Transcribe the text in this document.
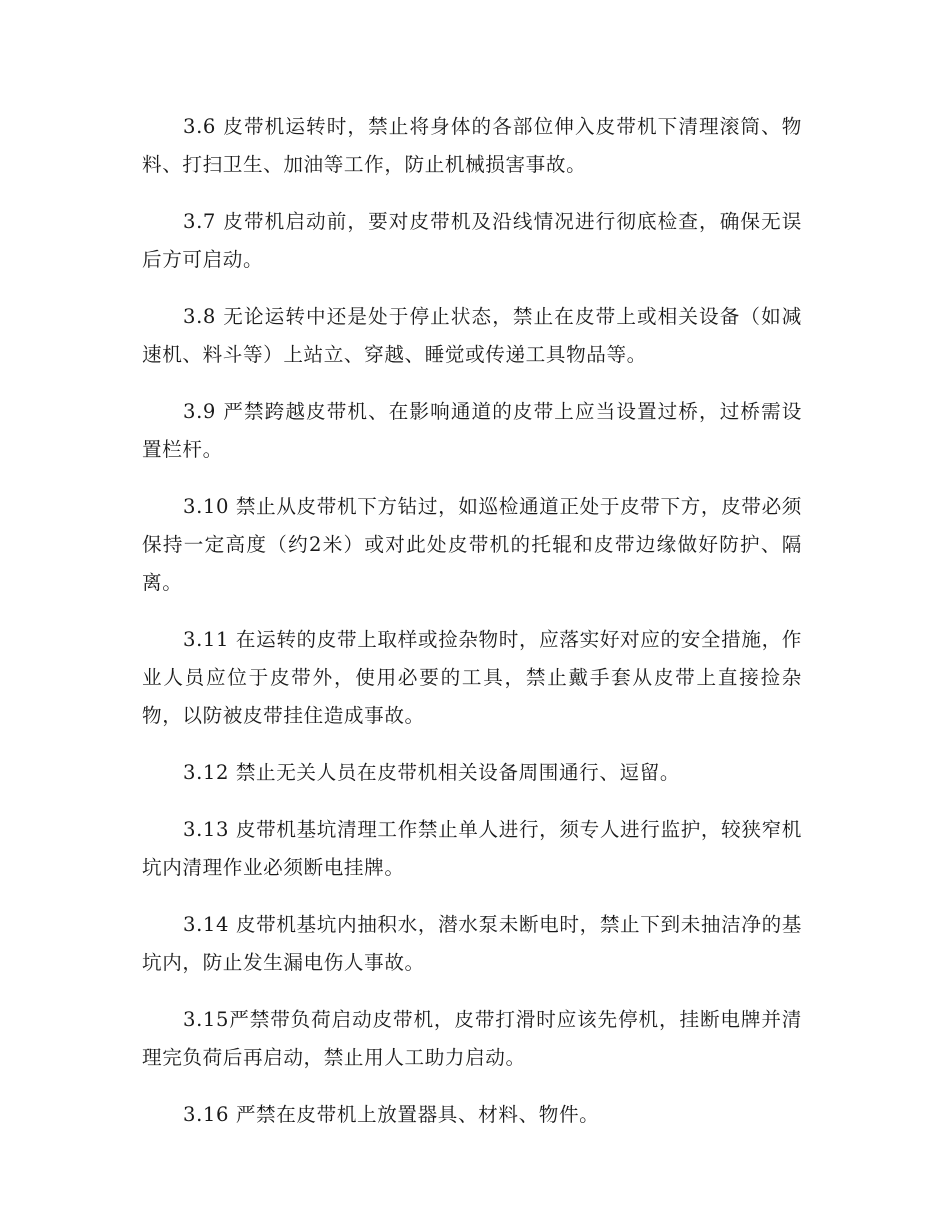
3.6 皮带机运转时，禁止将身体的各部位伸入皮带机下清理滚筒、物料、打扫卫生、加油等工作，防止机械损害事故。

3.7 皮带机启动前，要对皮带机及沿线情况进行彻底检查，确保无误后方可启动。

3.8 无论运转中还是处于停止状态，禁止在皮带上或相关设备（如减速机、料斗等）上站立、穿越、睡觉或传递工具物品等。

3.9 严禁跨越皮带机、在影响通道的皮带上应当设置过桥，过桥需设置栏杆。

3.10 禁止从皮带机下方钻过，如巡检通道正处于皮带下方，皮带必须保持一定高度（约2米）或对此处皮带机的托辊和皮带边缘做好防护、隔离。

3.11 在运转的皮带上取样或捡杂物时，应落实好对应的安全措施，作业人员应位于皮带外，使用必要的工具，禁止戴手套从皮带上直接捡杂物，以防被皮带挂住造成事故。

3.12 禁止无关人员在皮带机相关设备周围通行、逗留。

3.13 皮带机基坑清理工作禁止单人进行，须专人进行监护，较狭窄机坑内清理作业必须断电挂牌。

3.14 皮带机基坑内抽积水，潜水泵未断电时，禁止下到未抽洁净的基坑内，防止发生漏电伤人事故。

3.15严禁带负荷启动皮带机，皮带打滑时应该先停机，挂断电牌并清理完负荷后再启动，禁止用人工助力启动。

3.16 严禁在皮带机上放置器具、材料、物件。
